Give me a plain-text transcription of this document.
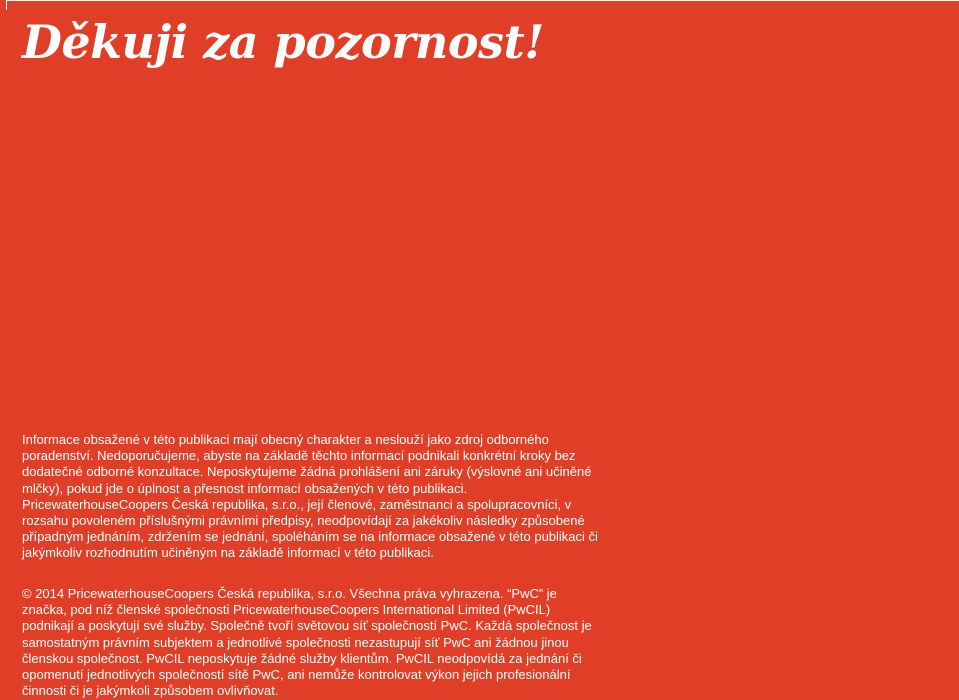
Děkuji za pozornost!

Informace obsažené v této publikaci mají obecný charakter a neslouží jako zdroj odborného poradenství. Nedoporučujeme, abyste na základě těchto informací podnikali konkrétní kroky bez dodatečné odborné konzultace. Neposkytujeme žádná prohlášení ani záruky (výslovné ani učiněné mlčky), pokud jde o úplnost a přesnost informací obsažených v této publikaci. PricewaterhouseCoopers Česká republika, s.r.o., její členové, zaměstnanci a spolupracovníci, v rozsahu povoleném příslušnými právními předpisy, neodpovídají za jakékoliv následky způsobené případným jednáním, zdržením se jednání, spoléháním se na informace obsažené v této publikaci či jakýmkoliv rozhodnutím učiněným na základě informací v této publikaci.

© 2014 PricewaterhouseCoopers Česká republika, s.r.o. Všechna práva vyhrazena. “PwC” je značka, pod níž členské společnosti PricewaterhouseCoopers International Limited (PwCIL) podnikají a poskytují své služby. Společně tvoří světovou síť společností PwC. Každá společnost je samostatným právním subjektem a jednotlivé společnosti nezastupují síť PwC ani žádnou jinou členskou společnost. PwCIL neposkytuje žádné služby klientům. PwCIL neodpovídá za jednání či opomenutí jednotlivých společností sítě PwC, ani nemůže kontrolovat výkon jejich profesionální činnosti či je jakýmkoli způsobem ovlivňovat.
